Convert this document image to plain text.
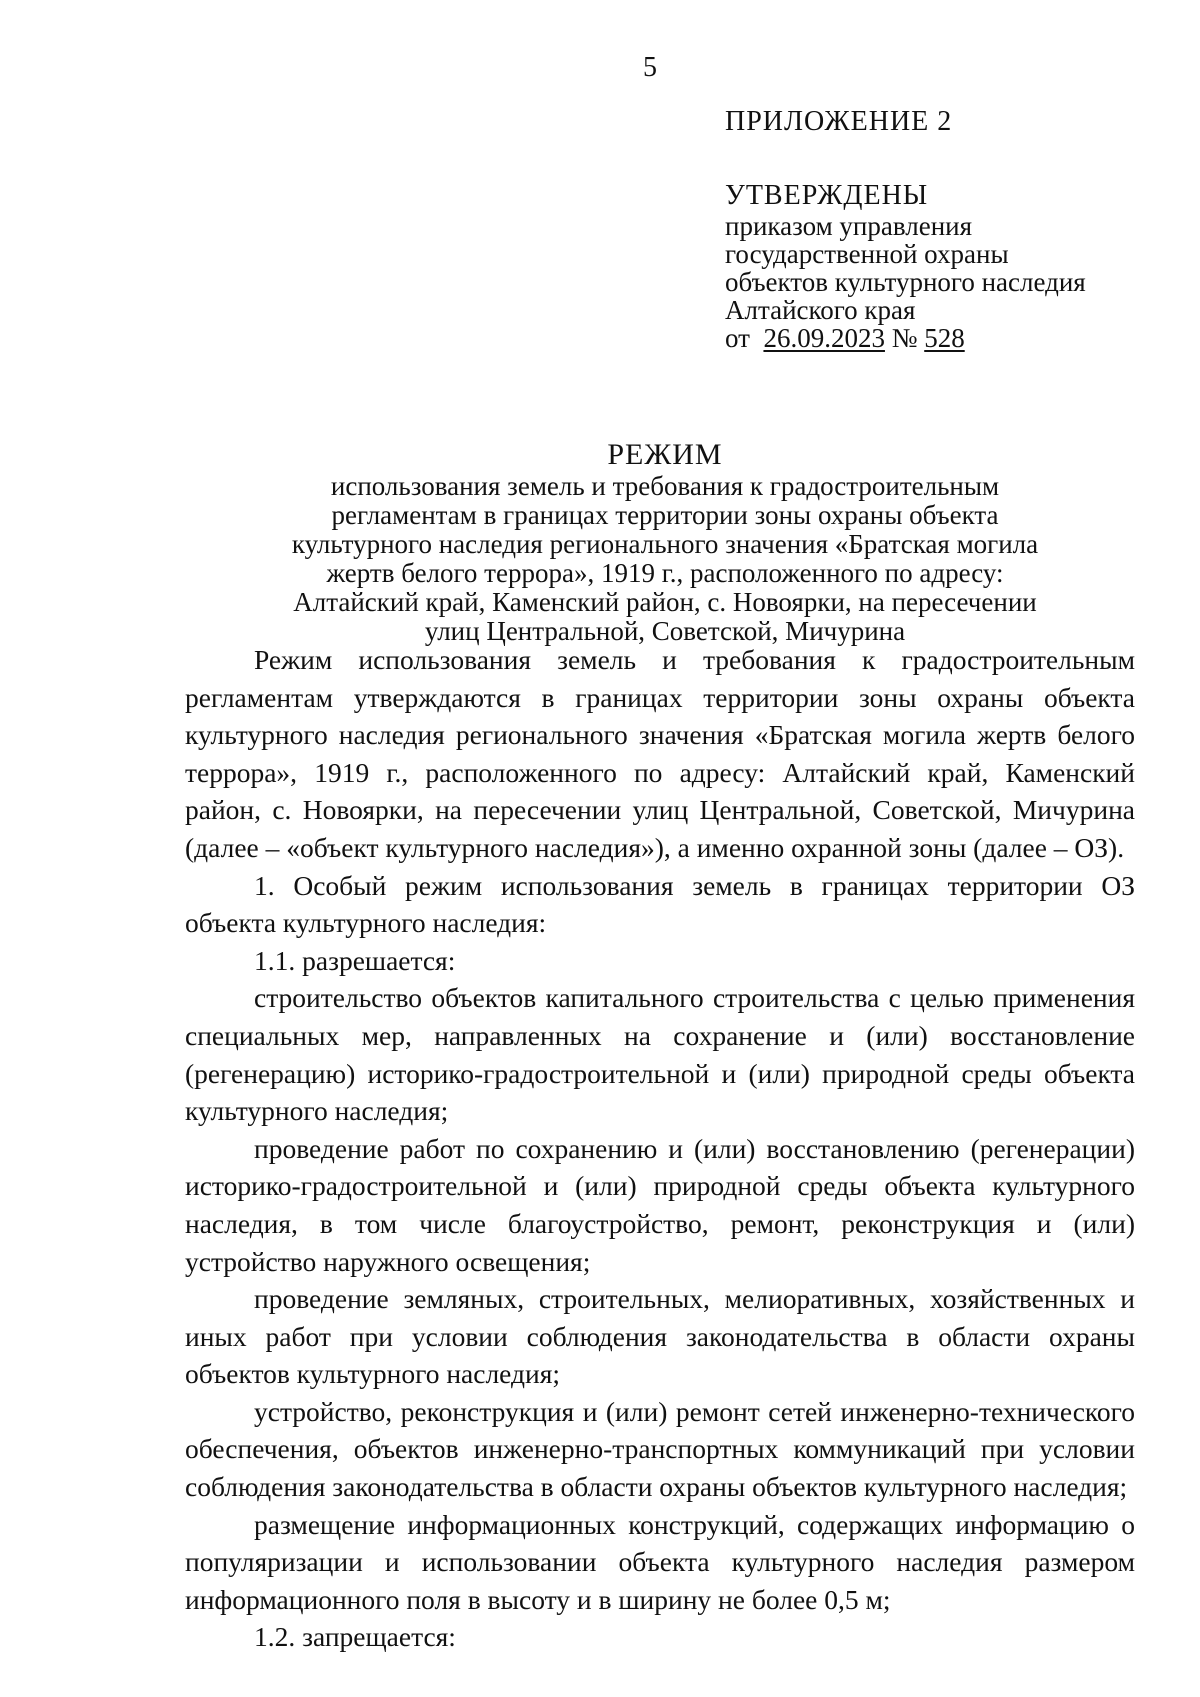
5
ПРИЛОЖЕНИЕ 2
УТВЕРЖДЕНЫ
приказом управления
государственной охраны
объектов культурного наследия
Алтайского края
от 26.09.2023 № 528
РЕЖИМ
использования земель и требования к градостроительным
регламентам в границах территории зоны охраны объекта
культурного наследия регионального значения «Братская могила
жертв белого террора», 1919 г., расположенного по адресу:
Алтайский край, Каменский район, с. Новоярки, на пересечении
улиц Центральной, Советской, Мичурина

Режим использования земель и требования к градостроительным регламентам утверждаются в границах территории зоны охраны объекта культурного наследия регионального значения «Братская могила жертв белого террора», 1919 г., расположенного по адресу: Алтайский край, Каменский район, с. Новоярки, на пересечении улиц Центральной, Советской, Мичурина (далее – «объект культурного наследия»), а именно охранной зоны (далее – ОЗ).

1. Особый режим использования земель в границах территории ОЗ объекта культурного наследия:

1.1. разрешается:

строительство объектов капитального строительства с целью применения специальных мер, направленных на сохранение и (или) восстановление (регенерацию) историко-градостроительной и (или) природной среды объекта культурного наследия;

проведение работ по сохранению и (или) восстановлению (регенерации) историко-градостроительной и (или) природной среды объекта культурного наследия, в том числе благоустройство, ремонт, реконструкция и (или) устройство наружного освещения;

проведение земляных, строительных, мелиоративных, хозяйственных и иных работ при условии соблюдения законодательства в области охраны объектов культурного наследия;

устройство, реконструкция и (или) ремонт сетей инженерно-технического обеспечения, объектов инженерно-транспортных коммуникаций при условии соблюдения законодательства в области охраны объектов культурного наследия;

размещение информационных конструкций, содержащих информацию о популяризации и использовании объекта культурного наследия размером информационного поля в высоту и в ширину не более 0,5 м;

1.2. запрещается:
